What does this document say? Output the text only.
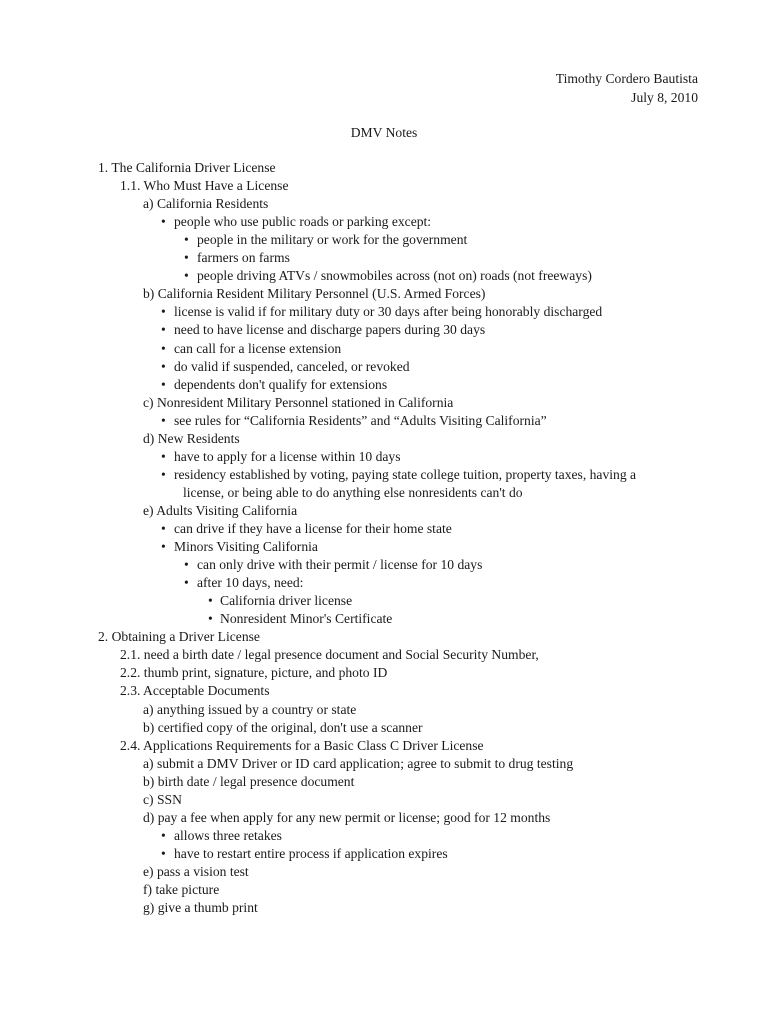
Timothy Cordero Bautista
July 8, 2010
DMV Notes
1. The California Driver License
1.1. Who Must Have a License
a) California Residents
• people who use public roads or parking except:
• people in the military or work for the government
• farmers on farms
• people driving ATVs / snowmobiles across (not on) roads (not freeways)
b) California Resident Military Personnel (U.S. Armed Forces)
• license is valid if for military duty or 30 days after being honorably discharged
• need to have license and discharge papers during 30 days
• can call for a license extension
• do valid if suspended, canceled, or revoked
• dependents don't qualify for extensions
c) Nonresident Military Personnel stationed in California
• see rules for “California Residents” and “Adults Visiting California”
d) New Residents
• have to apply for a license within 10 days
• residency established by voting, paying state college tuition, property taxes, having a
license, or being able to do anything else nonresidents can't do
e) Adults Visiting California
• can drive if they have a license for their home state
• Minors Visiting California
• can only drive with their permit / license for 10 days
• after 10 days, need:
• California driver license
• Nonresident Minor's Certificate
2. Obtaining a Driver License
2.1. need a birth date / legal presence document and Social Security Number,
2.2. thumb print, signature, picture, and photo ID
2.3. Acceptable Documents
a) anything issued by a country or state
b) certified copy of the original, don't use a scanner
2.4. Applications Requirements for a Basic Class C Driver License
a) submit a DMV Driver or ID card application; agree to submit to drug testing
b) birth date / legal presence document
c) SSN
d) pay a fee when apply for any new permit or license; good for 12 months
• allows three retakes
• have to restart entire process if application expires
e) pass a vision test
f) take picture
g) give a thumb print
